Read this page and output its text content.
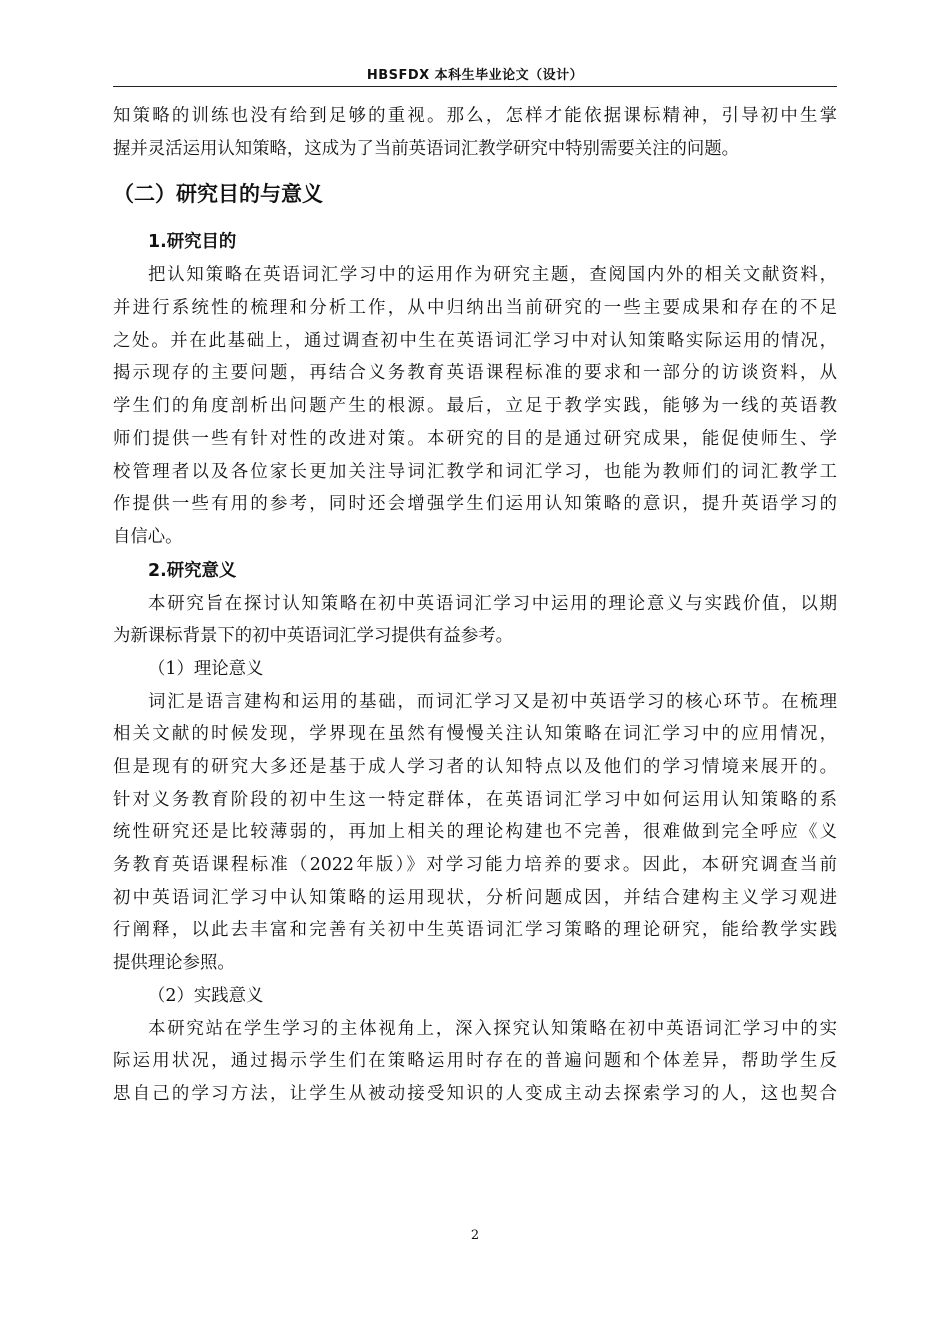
HBSFDX 本科生毕业论文（设计）
知策略的训练也没有给到足够的重视。那么，怎样才能依据课标精神，引导初中生掌
握并灵活运用认知策略，这成为了当前英语词汇教学研究中特别需要关注的问题。
（二）研究目的与意义
1.研究目的
把认知策略在英语词汇学习中的运用作为研究主题，查阅国内外的相关文献资料，
并进行系统性的梳理和分析工作，从中归纳出当前研究的一些主要成果和存在的不足
之处。并在此基础上，通过调查初中生在英语词汇学习中对认知策略实际运用的情况，
揭示现存的主要问题，再结合义务教育英语课程标准的要求和一部分的访谈资料，从
学生们的角度剖析出问题产生的根源。最后，立足于教学实践，能够为一线的英语教
师们提供一些有针对性的改进对策。本研究的目的是通过研究成果，能促使师生、学
校管理者以及各位家长更加关注导词汇教学和词汇学习，也能为教师们的词汇教学工
作提供一些有用的参考，同时还会增强学生们运用认知策略的意识，提升英语学习的
自信心。
2.研究意义
本研究旨在探讨认知策略在初中英语词汇学习中运用的理论意义与实践价值，以期
为新课标背景下的初中英语词汇学习提供有益参考。
（1）理论意义
词汇是语言建构和运用的基础，而词汇学习又是初中英语学习的核心环节。在梳理
相关文献的时候发现，学界现在虽然有慢慢关注认知策略在词汇学习中的应用情况，
但是现有的研究大多还是基于成人学习者的认知特点以及他们的学习情境来展开的。
针对义务教育阶段的初中生这一特定群体，在英语词汇学习中如何运用认知策略的系
统性研究还是比较薄弱的，再加上相关的理论构建也不完善，很难做到完全呼应《义
务教育英语课程标准（2022年版）》对学习能力培养的要求。因此，本研究调查当前
初中英语词汇学习中认知策略的运用现状，分析问题成因，并结合建构主义学习观进
行阐释，以此去丰富和完善有关初中生英语词汇学习策略的理论研究，能给教学实践
提供理论参照。
（2）实践意义
本研究站在学生学习的主体视角上，深入探究认知策略在初中英语词汇学习中的实
际运用状况，通过揭示学生们在策略运用时存在的普遍问题和个体差异，帮助学生反
思自己的学习方法，让学生从被动接受知识的人变成主动去探索学习的人，这也契合
2
